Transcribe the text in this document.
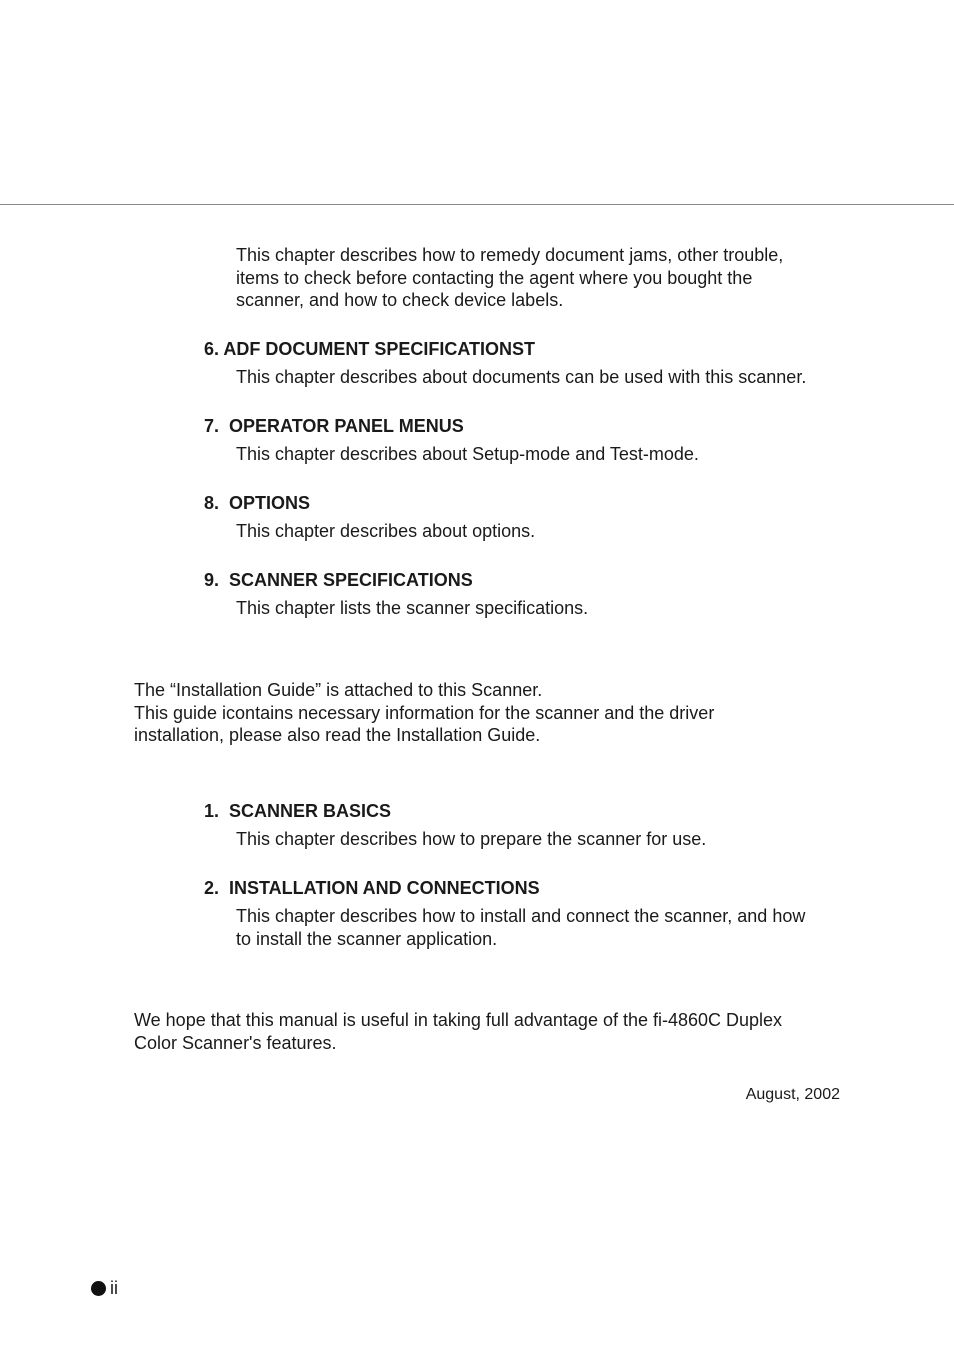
This chapter describes how to remedy document jams, other trouble,
items to check before contacting the agent where you bought the
scanner, and how to check device labels.

6. ADF DOCUMENT SPECIFICATIONST

This chapter describes about documents can be used with this scanner.

7.  OPERATOR PANEL MENUS

This chapter describes about Setup-mode and Test-mode.

8.  OPTIONS

This chapter describes about options.

9.  SCANNER SPECIFICATIONS

This chapter lists the scanner specifications.

The “Installation Guide” is attached to this Scanner.
This guide icontains necessary information for the scanner and the driver
installation, please also read the Installation Guide.

1.  SCANNER BASICS

This chapter describes how to prepare the scanner for use.

2.  INSTALLATION AND CONNECTIONS

This chapter describes how to install and connect the scanner, and how
to install the scanner application.

We hope that this manual is useful in taking full advantage of the fi-4860C Duplex
Color Scanner's features.

August, 2002
ii
